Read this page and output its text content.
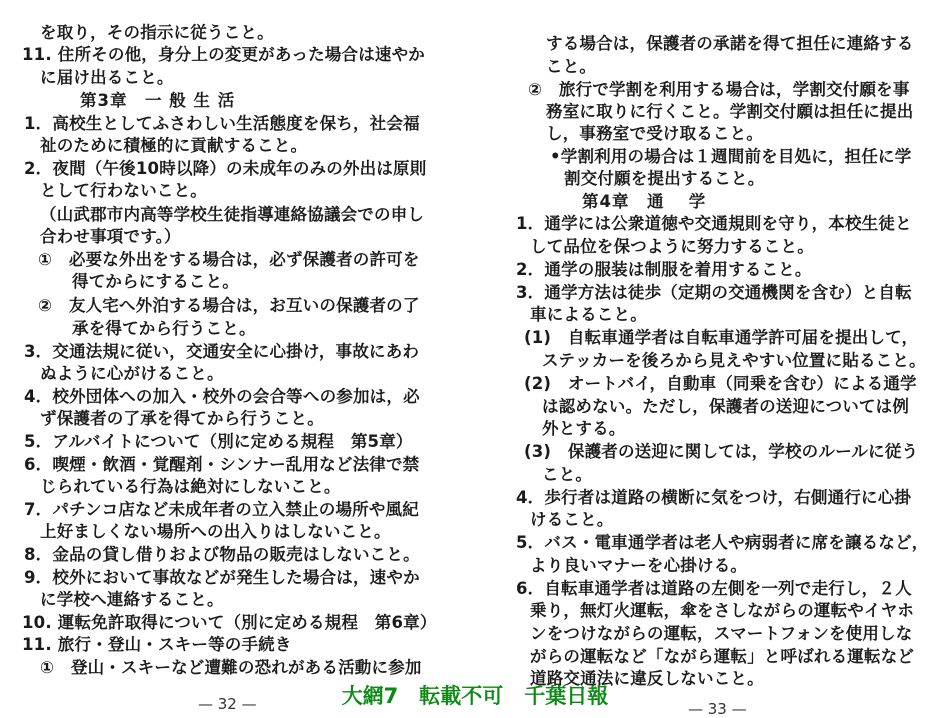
を取り，その指示に従うこと。
11. 住所その他，身分上の変更があった場合は速やか
に届け出ること。
第3章　一 般 生 活
1．高校生としてふさわしい生活態度を保ち，社会福
祉のために積極的に貢献すること。
2．夜間（午後10時以降）の未成年のみの外出は原則
として行わないこと。
（山武郡市内高等学校生徒指導連絡協議会での申し
合わせ事項です。）
①　必要な外出をする場合は，必ず保護者の許可を
得てからにすること。
②　友人宅へ外泊する場合は，お互いの保護者の了
承を得てから行うこと。
3．交通法規に従い，交通安全に心掛け，事故にあわ
ぬように心がけること。
4．校外団体への加入・校外の会合等への参加は，必
ず保護者の了承を得てから行うこと。
5．アルバイトについて（別に定める規程　第5章）
6．喫煙・飲酒・覚醒剤・シンナー乱用など法律で禁
じられている行為は絶対にしないこと。
7．パチンコ店など未成年者の立入禁止の場所や風紀
上好ましくない場所への出入りはしないこと。
8．金品の貸し借りおよび物品の販売はしないこと。
9．校外において事故などが発生した場合は，速やか
に学校へ連絡すること。
10. 運転免許取得について（別に定める規程　第6章）
11. 旅行・登山・スキー等の手続き
①　登山・スキーなど遭難の恐れがある活動に参加
する場合は，保護者の承諾を得て担任に連絡する
こと。
②　旅行で学割を利用する場合は，学割交付願を事
務室に取りに行くこと。学割交付願は担任に提出
し，事務室で受け取ること。
•学割利用の場合は１週間前を目処に，担任に学
割交付願を提出すること。
第4章　通　 学
1．通学には公衆道徳や交通規則を守り，本校生徒と
して品位を保つように努力すること。
2．通学の服装は制服を着用すること。
3．通学方法は徒歩（定期の交通機関を含む）と自転
車によること。
(1)　自転車通学者は自転車通学許可届を提出して，
ステッカーを後ろから見えやすい位置に貼ること。
(2)　オートバイ，自動車（同乗を含む）による通学
は認めない。ただし，保護者の送迎については例
外とする。
(3)　保護者の送迎に関しては，学校のルールに従う
こと。
4．歩行者は道路の横断に気をつけ，右側通行に心掛
けること。
5．バス・電車通学者は老人や病弱者に席を譲るなど，
より良いマナーを心掛ける。
6．自転車通学者は道路の左側を一列で走行し，２人
乗り，無灯火運転，傘をさしながらの運転やイヤホ
ンをつけながらの運転，スマートフォンを使用しな
がらの運転など「ながら運転」と呼ばれる運転など
道路交通法に違反しないこと。
— 32 —	— 33 —
大網7　転載不可　千葉日報
